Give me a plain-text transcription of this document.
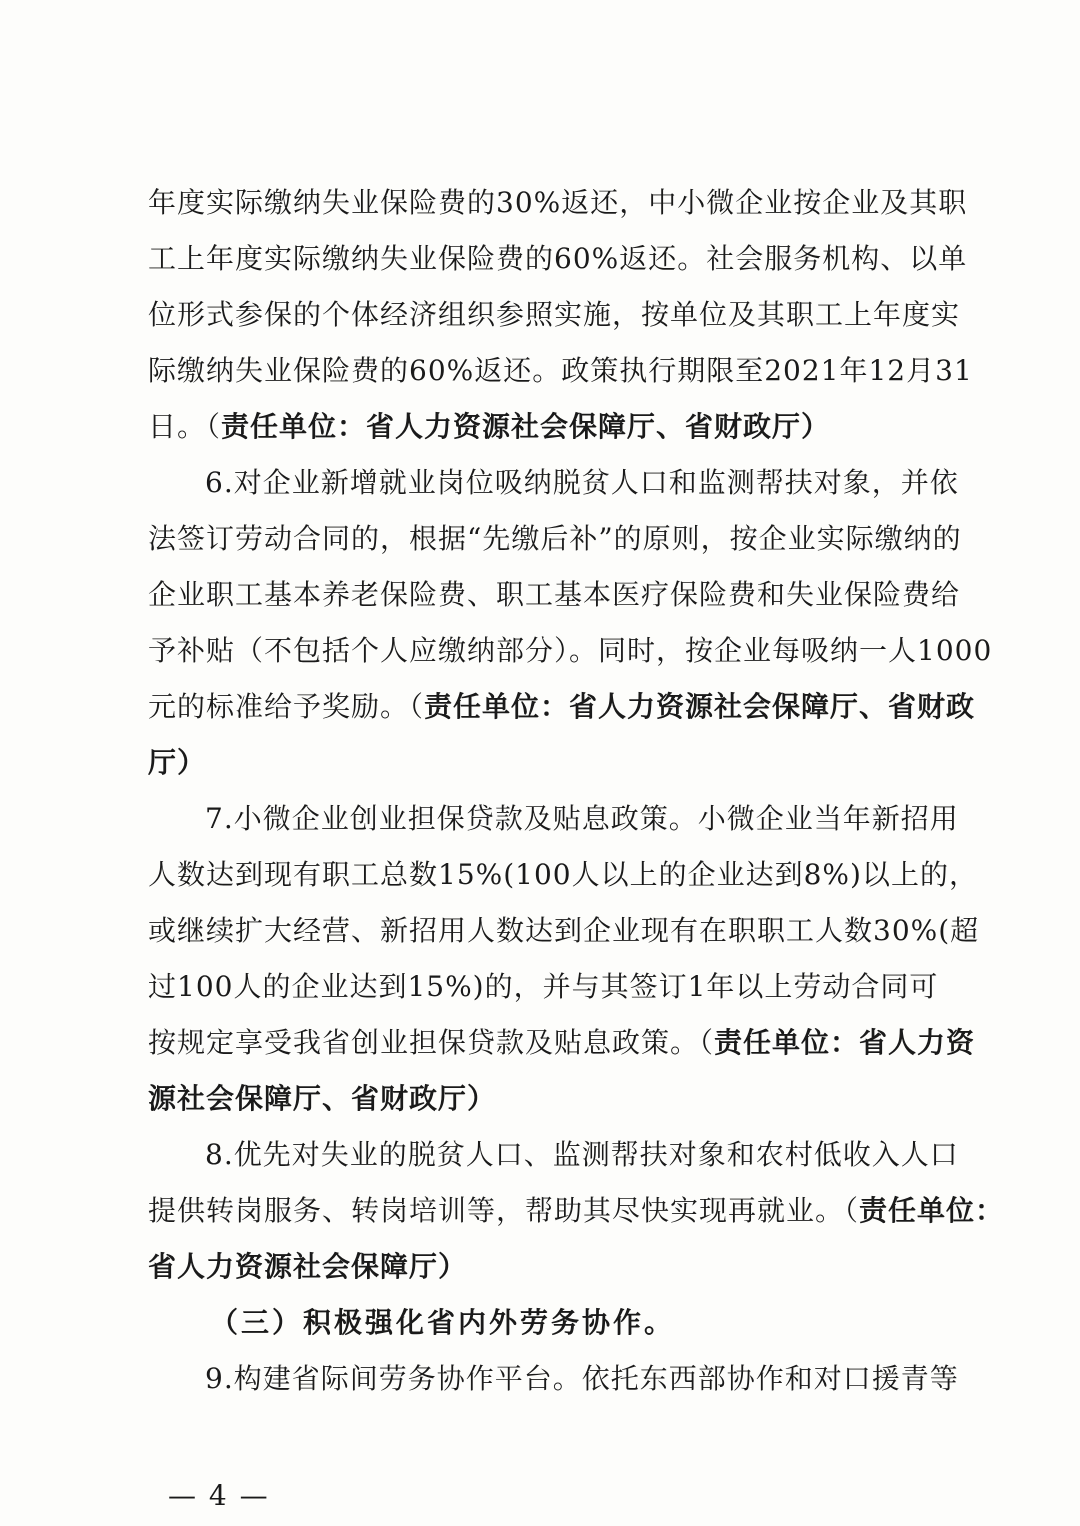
年度实际缴纳失业保险费的30%返还，中小微企业按企业及其职
工上年度实际缴纳失业保险费的60%返还。社会服务机构、以单
位形式参保的个体经济组织参照实施，按单位及其职工上年度实
际缴纳失业保险费的60%返还。政策执行期限至2021年12月31
日。（责任单位：省人力资源社会保障厅、省财政厅）
6.对企业新增就业岗位吸纳脱贫人口和监测帮扶对象，并依
法签订劳动合同的，根据“先缴后补”的原则，按企业实际缴纳的
企业职工基本养老保险费、职工基本医疗保险费和失业保险费给
予补贴（不包括个人应缴纳部分）。同时，按企业每吸纳一人1000
元的标准给予奖励。（责任单位：省人力资源社会保障厅、省财政
厅）
7.小微企业创业担保贷款及贴息政策。小微企业当年新招用
人数达到现有职工总数15%(100人以上的企业达到8%)以上的，
或继续扩大经营、新招用人数达到企业现有在职职工人数30%(超
过100人的企业达到15%)的，并与其签订1年以上劳动合同可
按规定享受我省创业担保贷款及贴息政策。（责任单位：省人力资
源社会保障厅、省财政厅）
8.优先对失业的脱贫人口、监测帮扶对象和农村低收入人口
提供转岗服务、转岗培训等，帮助其尽快实现再就业。（责任单位：
省人力资源社会保障厅）
（三）积极强化省内外劳务协作。
9.构建省际间劳务协作平台。依托东西部协作和对口援青等
— 4 —
